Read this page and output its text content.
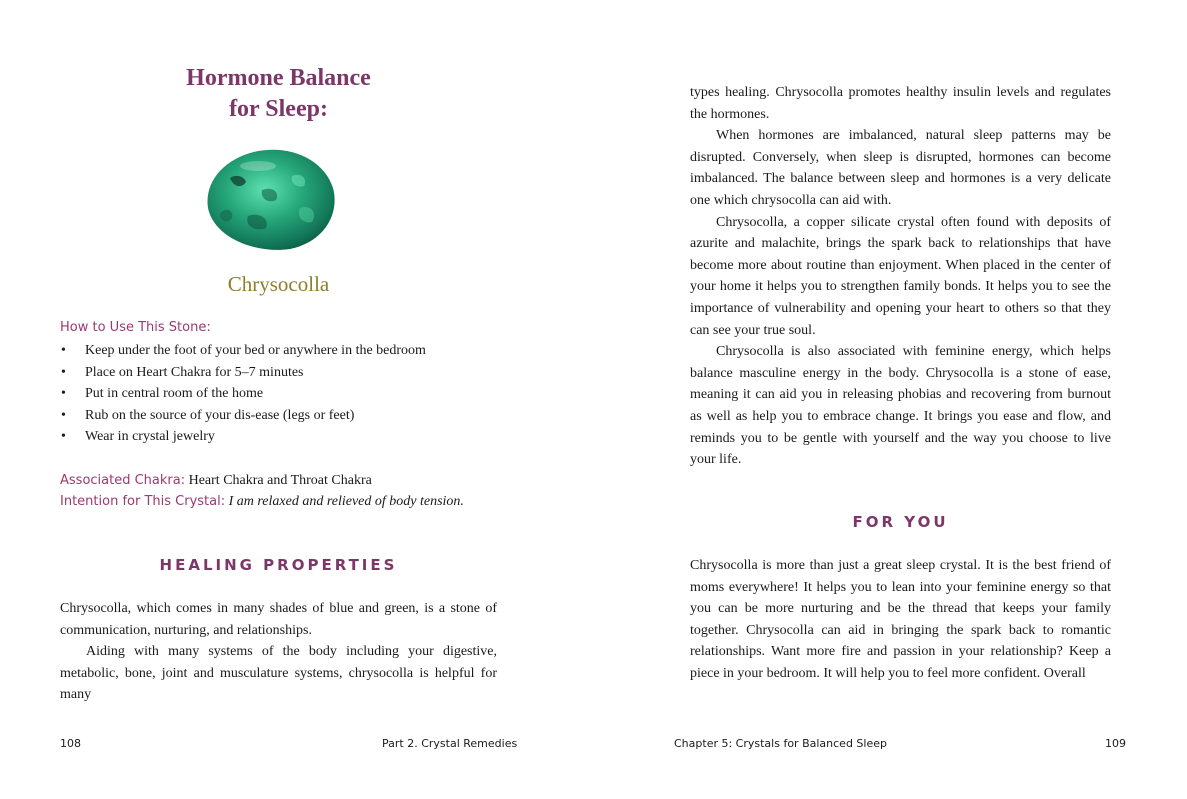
Hormone Balance
for Sleep:
Chrysocolla
How to Use This Stone:
• Keep under the foot of your bed or anywhere in the bedroom
• Place on Heart Chakra for 5–7 minutes
• Put in central room of the home
• Rub on the source of your dis-ease (legs or feet)
• Wear in crystal jewelry
Associated Chakra: Heart Chakra and Throat Chakra
Intention for This Crystal: I am relaxed and relieved of body tension.
HEALING PROPERTIES

Chrysocolla, which comes in many shades of blue and green, is a stone of communication, nurturing, and relationships.

Aiding with many systems of the body including your digestive, metabolic, bone, joint and musculature systems, chrysocolla is helpful for many

108	Part 2. Crystal Remedies

types healing. Chrysocolla promotes healthy insulin levels and regulates the hormones.

When hormones are imbalanced, natural sleep patterns may be disrupted. Conversely, when sleep is disrupted, hormones can become imbalanced. The balance between sleep and hormones is a very delicate one which chrysocolla can aid with.

Chrysocolla, a copper silicate crystal often found with deposits of azurite and malachite, brings the spark back to relationships that have become more about routine than enjoyment. When placed in the center of your home it helps you to strengthen family bonds. It helps you to see the importance of vulnerability and opening your heart to others so that they can see your true soul.

Chrysocolla is also associated with feminine energy, which helps balance masculine energy in the body. Chrysocolla is a stone of ease, meaning it can aid you in releasing phobias and recovering from burnout as well as help you to embrace change. It brings you ease and flow, and reminds you to be gentle with yourself and the way you choose to live your life.

FOR YOU

Chrysocolla is more than just a great sleep crystal. It is the best friend of moms everywhere! It helps you to lean into your feminine energy so that you can be more nurturing and be the thread that keeps your family together. Chrysocolla can aid in bringing the spark back to romantic relationships. Want more fire and passion in your relationship? Keep a piece in your bedroom. It will help you to feel more confident. Overall

Chapter 5: Crystals for Balanced Sleep	109
